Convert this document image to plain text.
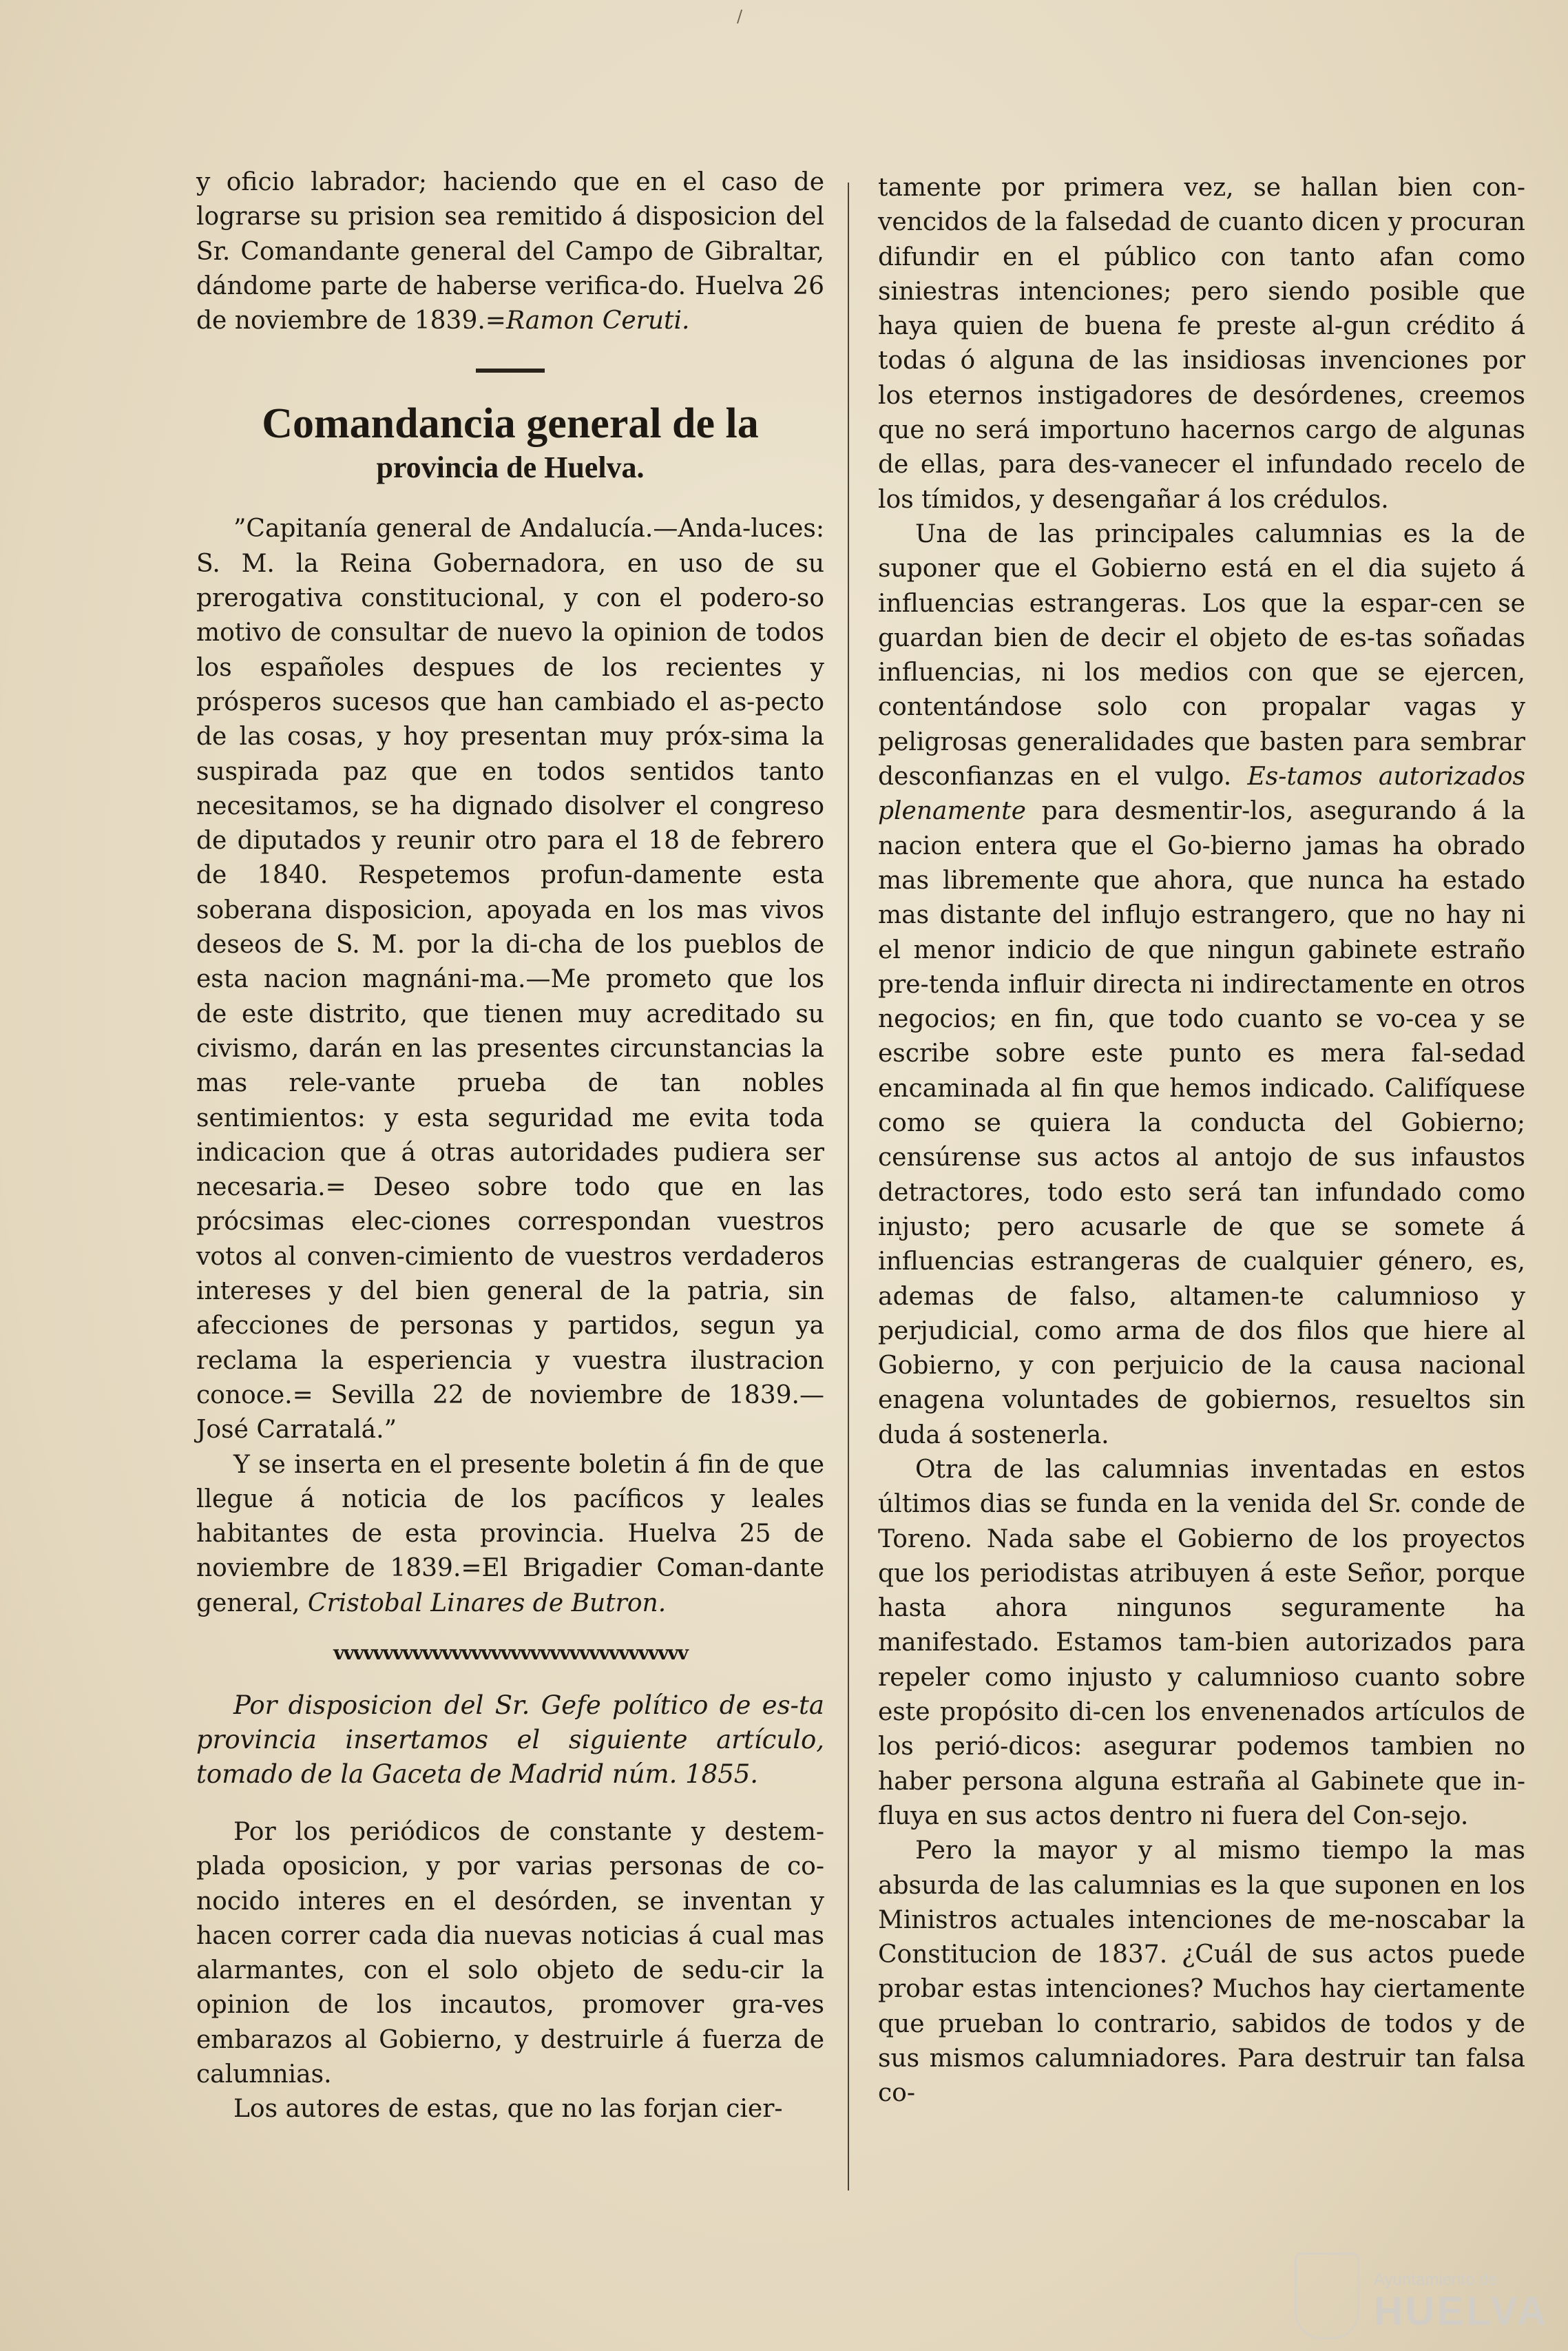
/

y oficio labrador; haciendo que en el caso de lograrse su prision sea remitido á disposicion del Sr. Comandante general del Campo de Gibraltar, dándome parte de haberse verifica-do. Huelva 26 de noviembre de 1839.=Ramon Ceruti.

Comandancia general de la
provincia de Huelva.

”Capitanía general de Andalucía.—Anda-luces: S. M. la Reina Gobernadora, en uso de su prerogativa constitucional, y con el podero-so motivo de consultar de nuevo la opinion de todos los españoles despues de los recientes y prósperos sucesos que han cambiado el as-pecto de las cosas, y hoy presentan muy próx-sima la suspirada paz que en todos sentidos tanto necesitamos, se ha dignado disolver el congreso de diputados y reunir otro para el 18 de febrero de 1840. Respetemos profun-damente esta soberana disposicion, apoyada en los mas vivos deseos de S. M. por la di-cha de los pueblos de esta nacion magnáni-ma.—Me prometo que los de este distrito, que tienen muy acreditado su civismo, darán en las presentes circunstancias la mas rele-vante prueba de tan nobles sentimientos: y esta seguridad me evita toda indicacion que á otras autoridades pudiera ser necesaria.= Deseo sobre todo que en las prócsimas elec-ciones correspondan vuestros votos al conven-cimiento de vuestros verdaderos intereses y del bien general de la patria, sin afecciones de personas y partidos, segun ya reclama la esperiencia y vuestra ilustracion conoce.= Sevilla 22 de noviembre de 1839.— José Carratalá.”

Y se inserta en el presente boletin á fin de que llegue á noticia de los pacíficos y leales habitantes de esta provincia. Huelva 25 de noviembre de 1839.=El Brigadier Coman-dante general, Cristobal Linares de Butron.

vvvvvvvvvvvvvvvvvvvvvvvvvvvvvvvvvvvv

Por disposicion del Sr. Gefe político de es-ta provincia insertamos el siguiente artículo, tomado de la Gaceta de Madrid núm. 1855.

Por los periódicos de constante y destem-plada oposicion, y por varias personas de co-nocido interes en el desórden, se inventan y hacen correr cada dia nuevas noticias á cual mas alarmantes, con el solo objeto de sedu-cir la opinion de los incautos, promover gra-ves embarazos al Gobierno, y destruirle á fuerza de calumnias.

Los autores de estas, que no las forjan cier-

tamente por primera vez, se hallan bien con-vencidos de la falsedad de cuanto dicen y procuran difundir en el público con tanto afan como siniestras intenciones; pero siendo posible que haya quien de buena fe preste al-gun crédito á todas ó alguna de las insidiosas invenciones por los eternos instigadores de desórdenes, creemos que no será importuno hacernos cargo de algunas de ellas, para des-vanecer el infundado recelo de los tímidos, y desengañar á los crédulos.

Una de las principales calumnias es la de suponer que el Gobierno está en el dia sujeto á influencias estrangeras. Los que la espar-cen se guardan bien de decir el objeto de es-tas soñadas influencias, ni los medios con que se ejercen, contentándose solo con propalar vagas y peligrosas generalidades que basten para sembrar desconfianzas en el vulgo. Es-tamos autorizados plenamente para desmentir-los, asegurando á la nacion entera que el Go-bierno jamas ha obrado mas libremente que ahora, que nunca ha estado mas distante del influjo estrangero, que no hay ni el menor indicio de que ningun gabinete estraño pre-tenda influir directa ni indirectamente en otros negocios; en fin, que todo cuanto se vo-cea y se escribe sobre este punto es mera fal-sedad encaminada al fin que hemos indicado. Califíquese como se quiera la conducta del Gobierno; censúrense sus actos al antojo de sus infaustos detractores, todo esto será tan infundado como injusto; pero acusarle de que se somete á influencias estrangeras de cualquier género, es, ademas de falso, altamen-te calumnioso y perjudicial, como arma de dos filos que hiere al Gobierno, y con perjuicio de la causa nacional enagena voluntades de gobiernos, resueltos sin duda á sostenerla.

Otra de las calumnias inventadas en estos últimos dias se funda en la venida del Sr. conde de Toreno. Nada sabe el Gobierno de los proyectos que los periodistas atribuyen á este Señor, porque hasta ahora ningunos seguramente ha manifestado. Estamos tam-bien autorizados para repeler como injusto y calumnioso cuanto sobre este propósito di-cen los envenenados artículos de los perió-dicos: asegurar podemos tambien no haber persona alguna estraña al Gabinete que in-fluya en sus actos dentro ni fuera del Con-sejo.

Pero la mayor y al mismo tiempo la mas absurda de las calumnias es la que suponen en los Ministros actuales intenciones de me-noscabar la Constitucion de 1837. ¿Cuál de sus actos puede probar estas intenciones? Muchos hay ciertamente que prueban lo contrario, sabidos de todos y de sus mismos calumniadores. Para destruir tan falsa co-

Ayuntamiento de
HUELVA
